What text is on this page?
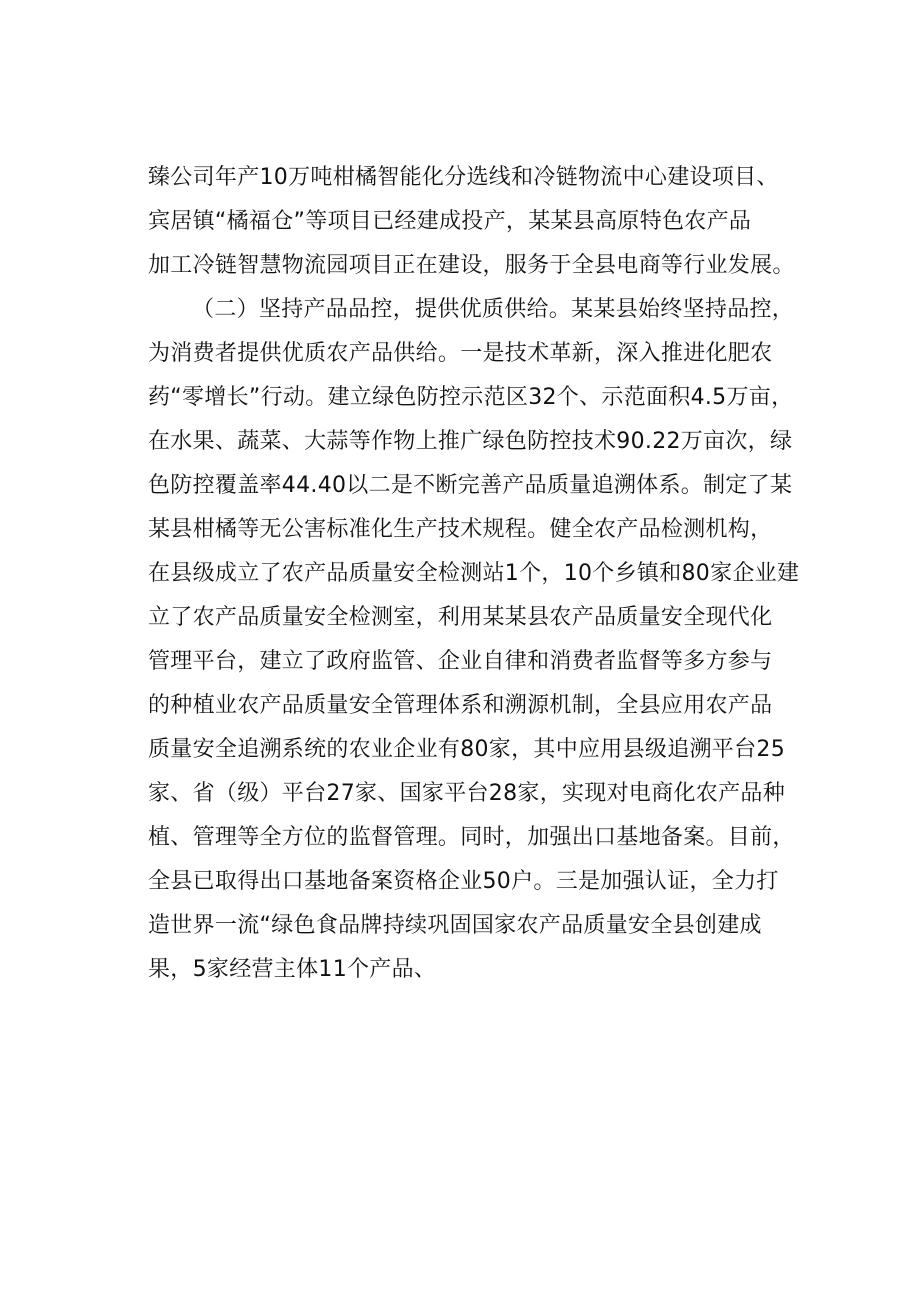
臻公司年产10万吨柑橘智能化分选线和冷链物流中心建设项目、
宾居镇“橘福仓”等项目已经建成投产，某某县高原特色农产品
加工冷链智慧物流园项目正在建设，服务于全县电商等行业发展。
（二）坚持产品品控，提供优质供给。某某县始终坚持品控，
为消费者提供优质农产品供给。一是技术革新，深入推进化肥农
药“零增长”行动。建立绿色防控示范区32个、示范面积4.5万亩，
在水果、蔬菜、大蒜等作物上推广绿色防控技术90.22万亩次，绿
色防控覆盖率44.40以二是不断完善产品质量追溯体系。制定了某
某县柑橘等无公害标准化生产技术规程。健全农产品检测机构，
在县级成立了农产品质量安全检测站1个，10个乡镇和80家企业建
立了农产品质量安全检测室，利用某某县农产品质量安全现代化
管理平台，建立了政府监管、企业自律和消费者监督等多方参与
的种植业农产品质量安全管理体系和溯源机制，全县应用农产品
质量安全追溯系统的农业企业有80家，其中应用县级追溯平台25
家、省（级）平台27家、国家平台28家，实现对电商化农产品种
植、管理等全方位的监督管理。同时，加强出口基地备案。目前，
全县已取得出口基地备案资格企业50户。三是加强认证，全力打
造世界一流“绿色食品牌持续巩固国家农产品质量安全县创建成
果，5家经营主体11个产品、
